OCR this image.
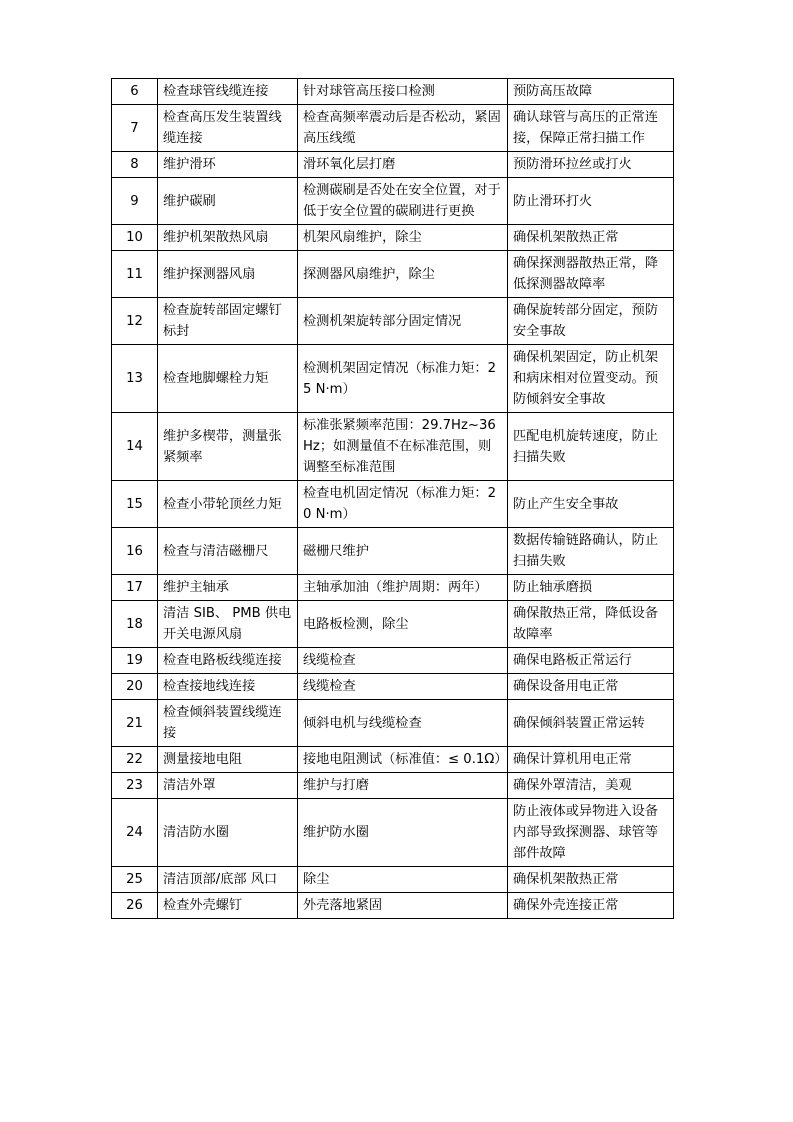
6	检查球管线缆连接	针对球管高压接口检测	预防高压故障
7	检查高压发生装置线缆连接	检查高频率震动后是否松动，紧固高压线缆	确认球管与高压的正常连接，保障正常扫描工作
8	维护滑环	滑环氧化层打磨	预防滑环拉丝或打火
9	维护碳刷	检测碳刷是否处在安全位置，对于低于安全位置的碳刷进行更换	防止滑环打火
10	维护机架散热风扇	机架风扇维护，除尘	确保机架散热正常
11	维护探测器风扇	探测器风扇维护，除尘	确保探测器散热正常，降低探测器故障率
12	检查旋转部固定螺钉标封	检测机架旋转部分固定情况	确保旋转部分固定，预防安全事故
13	检查地脚螺栓力矩	检测机架固定情况（标准力矩：25 N·m）	确保机架固定，防止机架和病床相对位置变动。预防倾斜安全事故
14	维护多楔带，测量张紧频率	标准张紧频率范围：29.7Hz~36Hz；如测量值不在标准范围，则调整至标准范围	匹配电机旋转速度，防止扫描失败
15	检查小带轮顶丝力矩	检查电机固定情况（标准力矩：20 N·m）	防止产生安全事故
16	检查与清洁磁栅尺	磁栅尺维护	数据传输链路确认，防止扫描失败
17	维护主轴承	主轴承加油（维护周期：两年）	防止轴承磨损
18	清洁 SIB、 PMB 供电开关电源风扇	电路板检测，除尘	确保散热正常，降低设备故障率
19	检查电路板线缆连接	线缆检查	确保电路板正常运行
20	检查接地线连接	线缆检查	确保设备用电正常
21	检查倾斜装置线缆连接	倾斜电机与线缆检查	确保倾斜装置正常运转
22	测量接地电阻	接地电阻测试（标准值：≤ 0.1Ω）	确保计算机用电正常
23	清洁外罩	维护与打磨	确保外罩清洁，美观
24	清洁防水圈	维护防水圈	防止液体或异物进入设备内部导致探测器、球管等部件故障
25	清洁顶部/底部 风口	除尘	确保机架散热正常
26	检查外壳螺钉	外壳落地紧固	确保外壳连接正常
